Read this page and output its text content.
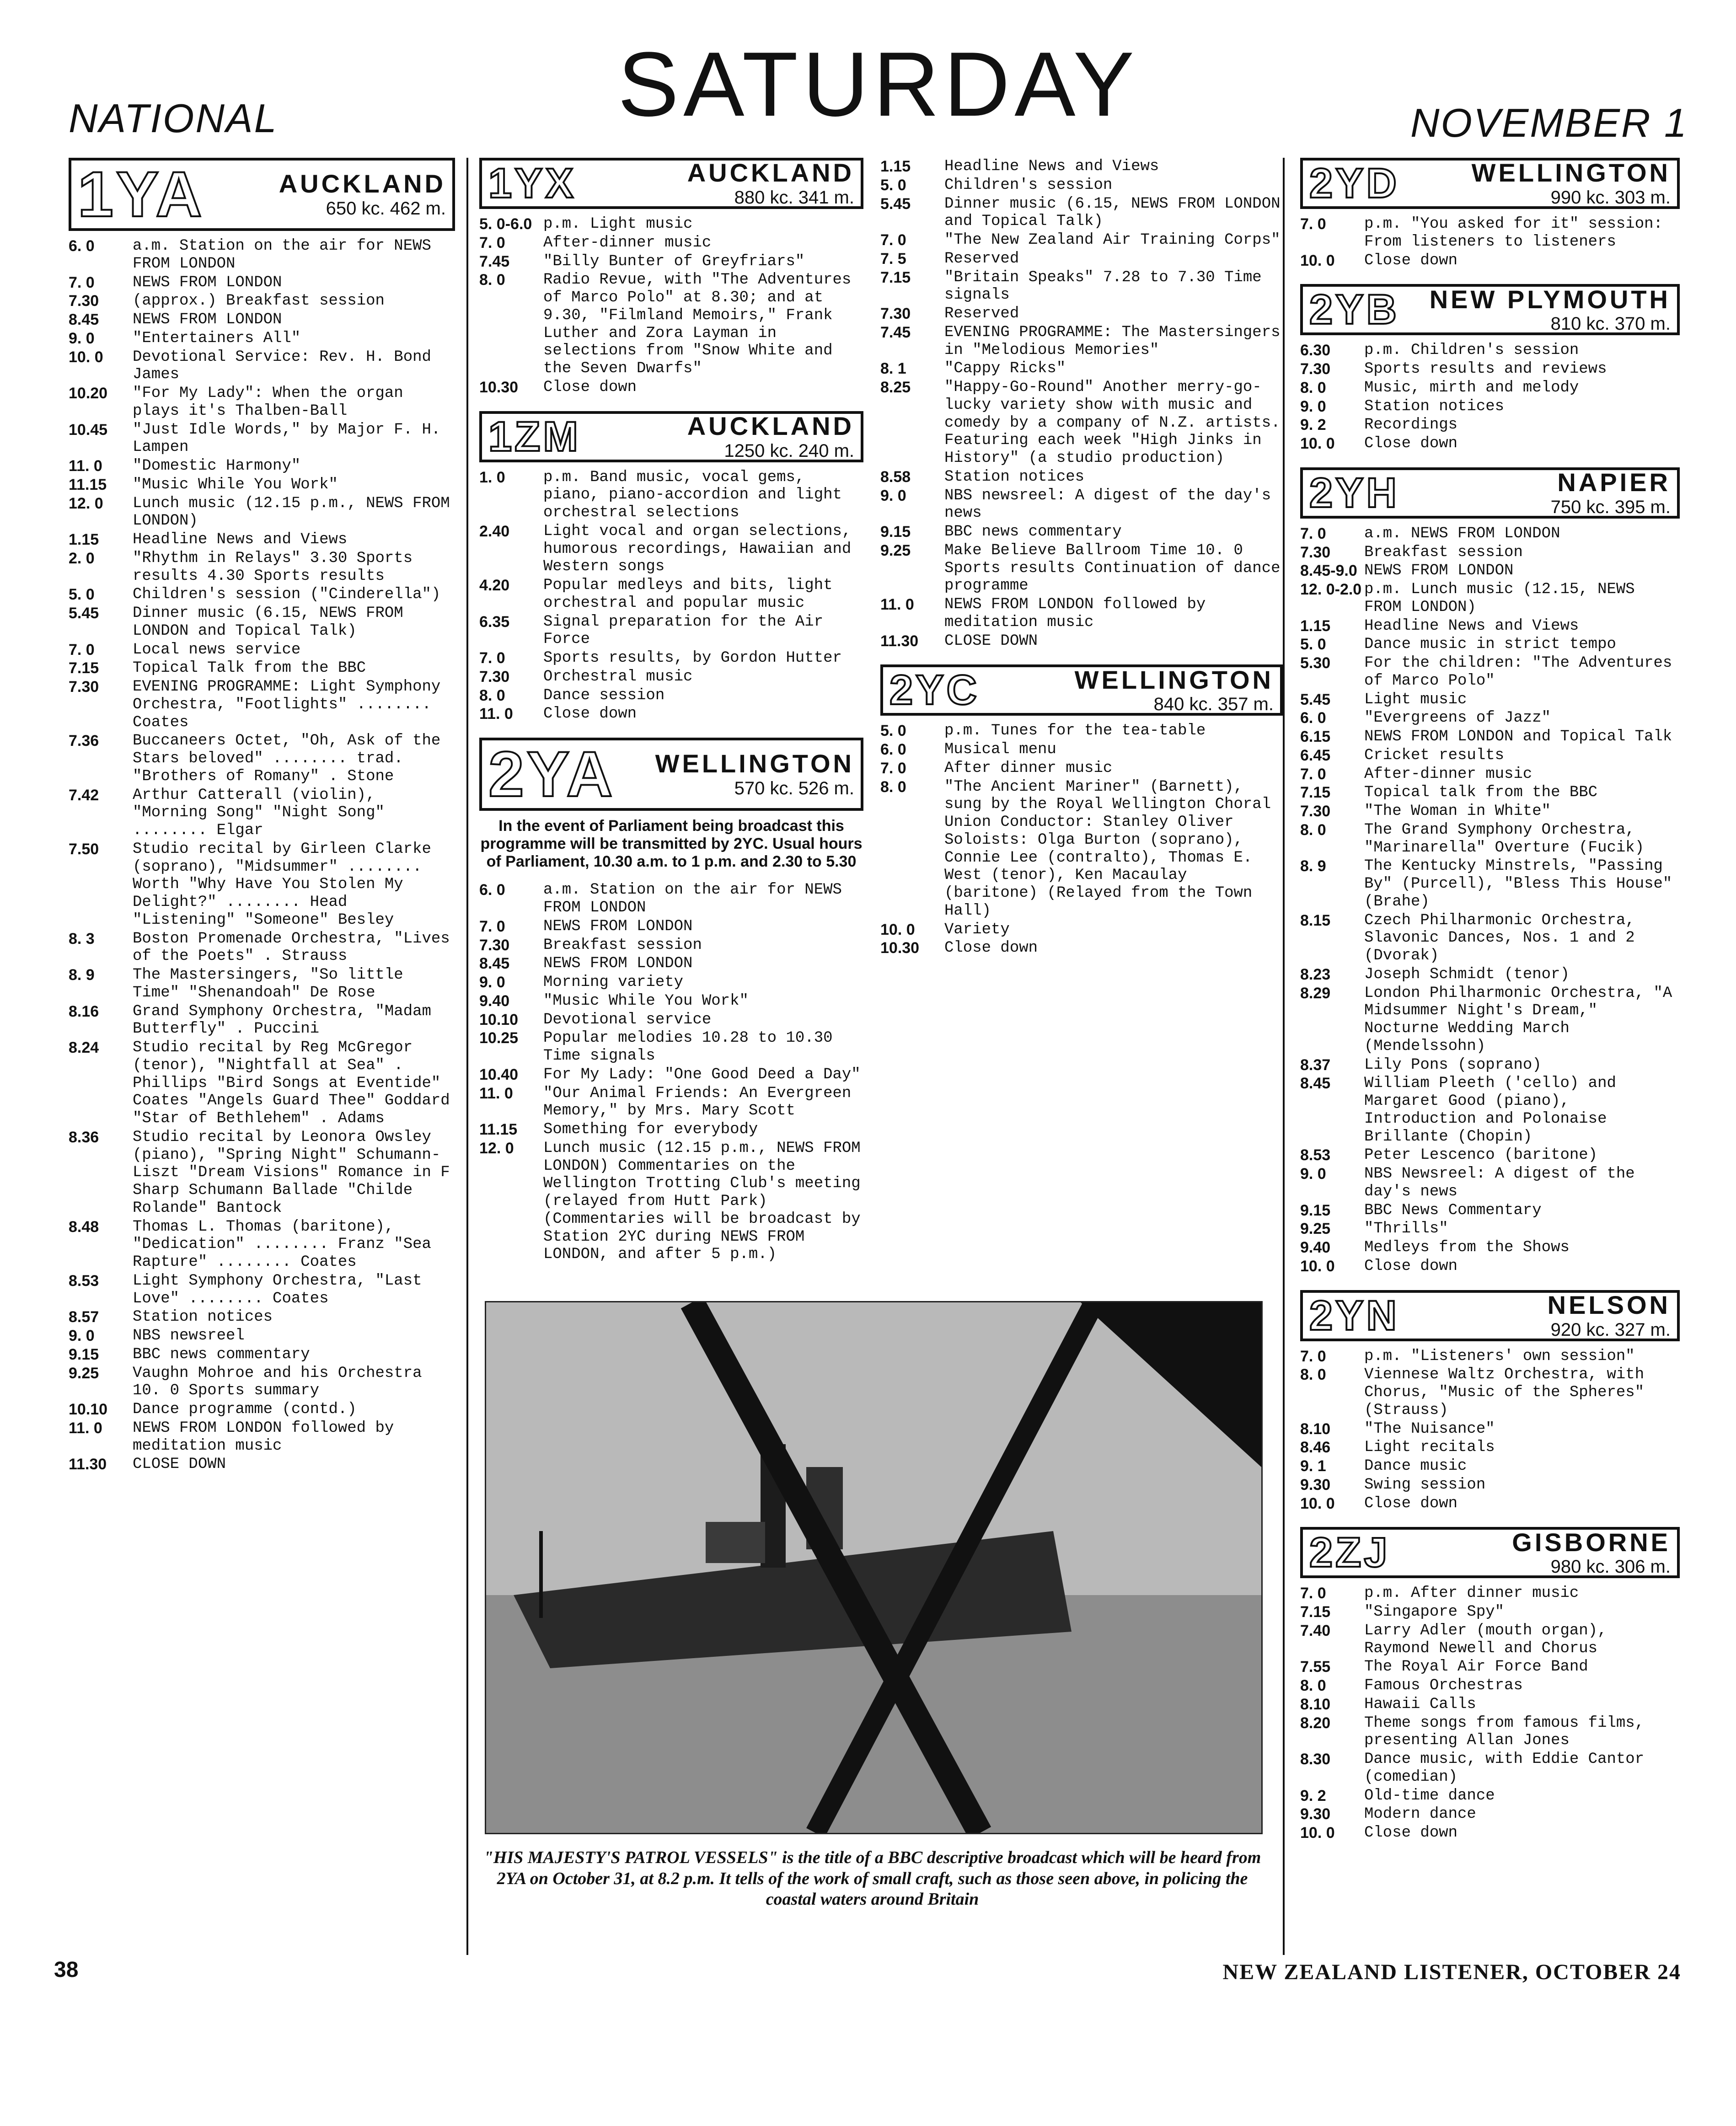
NATIONAL	SATURDAY	NOVEMBER 1
1YA	AUCKLAND
650 kc. 462 m.
6. 0	a.m. Station on the air for NEWS FROM LONDON
7. 0	NEWS FROM LONDON
7.30	(approx.) Breakfast session
8.45	NEWS FROM LONDON
9. 0	"Entertainers All"
10. 0	Devotional Service: Rev. H. Bond James
10.20	"For My Lady": When the organ plays it's Thalben-Ball
10.45	"Just Idle Words," by Major F. H. Lampen
11. 0	"Domestic Harmony"
11.15	"Music While You Work"
12. 0	Lunch music (12.15 p.m., NEWS FROM LONDON)
1.15	Headline News and Views
2. 0	"Rhythm in Relays" 3.30 Sports results 4.30 Sports results
5. 0	Children's session ("Cinderella")
5.45	Dinner music (6.15, NEWS FROM LONDON and Topical Talk)
7. 0	Local news service
7.15	Topical Talk from the BBC
7.30	EVENING PROGRAMME: Light Symphony Orchestra, "Footlights" ........ Coates
7.36	Buccaneers Octet, "Oh, Ask of the Stars beloved" ........ trad. "Brothers of Romany" . Stone
7.42	Arthur Catterall (violin), "Morning Song" "Night Song" ........ Elgar
7.50	Studio recital by Girleen Clarke (soprano), "Midsummer" ........ Worth "Why Have You Stolen My Delight?" ........ Head "Listening" "Someone" Besley
8. 3	Boston Promenade Orchestra, "Lives of the Poets" . Strauss
8. 9	The Mastersingers, "So little Time" "Shenandoah" De Rose
8.16	Grand Symphony Orchestra, "Madam Butterfly" . Puccini
8.24	Studio recital by Reg McGregor (tenor), "Nightfall at Sea" . Phillips "Bird Songs at Eventide" Coates "Angels Guard Thee" Goddard "Star of Bethlehem" . Adams
8.36	Studio recital by Leonora Owsley (piano), "Spring Night" Schumann-Liszt "Dream Visions" Romance in F Sharp Schumann Ballade "Childe Rolande" Bantock
8.48	Thomas L. Thomas (baritone), "Dedication" ........ Franz "Sea Rapture" ........ Coates
8.53	Light Symphony Orchestra, "Last Love" ........ Coates
8.57	Station notices
9. 0	NBS newsreel
9.15	BBC news commentary
9.25	Vaughn Mohroe and his Orchestra 10. 0 Sports summary
10.10	Dance programme (contd.)
11. 0	NEWS FROM LONDON followed by meditation music
11.30	CLOSE DOWN
1YX	AUCKLAND
880 kc. 341 m.
5. 0-6.0 p.m. Light music
7. 0	After-dinner music
7.45	"Billy Bunter of Greyfriars"
8. 0	Radio Revue, with "The Adventures of Marco Polo" at 8.30; and at 9.30, "Filmland Memoirs," Frank Luther and Zora Layman in selections from "Snow White and the Seven Dwarfs"
10.30	Close down
1ZM	AUCKLAND
1250 kc. 240 m.
1. 0	p.m. Band music, vocal gems, piano, piano-accordion and light orchestral selections
2.40	Light vocal and organ selections, humorous recordings, Hawaiian and Western songs
4.20	Popular medleys and bits, light orchestral and popular music
6.35	Signal preparation for the Air Force
7. 0	Sports results, by Gordon Hutter
7.30	Orchestral music
8. 0	Dance session
11. 0	Close down
2YA	WELLINGTON
570 kc. 526 m.
In the event of Parliament being broadcast this programme will be transmitted by 2YC. Usual hours of Parliament, 10.30 a.m. to 1 p.m. and 2.30 to 5.30
6. 0	a.m. Station on the air for NEWS FROM LONDON
7. 0	NEWS FROM LONDON
7.30	Breakfast session
8.45	NEWS FROM LONDON
9. 0	Morning variety
9.40	"Music While You Work"
10.10	Devotional service
10.25	Popular melodies 10.28 to 10.30 Time signals
10.40	For My Lady: "One Good Deed a Day"
11. 0	"Our Animal Friends: An Evergreen Memory," by Mrs. Mary Scott
11.15	Something for everybody
12. 0	Lunch music (12.15 p.m., NEWS FROM LONDON) Commentaries on the Wellington Trotting Club's meeting (relayed from Hutt Park) (Commentaries will be broadcast by Station 2YC during NEWS FROM LONDON, and after 5 p.m.)
1.15	Headline News and Views
5. 0	Children's session
5.45	Dinner music (6.15, NEWS FROM LONDON and Topical Talk)
7. 0	"The New Zealand Air Training Corps"
7. 5	Reserved
7.15	"Britain Speaks" 7.28 to 7.30 Time signals
7.30	Reserved
7.45	EVENING PROGRAMME: The Mastersingers in "Melodious Memories"
8. 1	"Cappy Ricks"
8.25	"Happy-Go-Round" Another merry-go-lucky variety show with music and comedy by a company of N.Z. artists. Featuring each week "High Jinks in History" (a studio production)
8.58	Station notices
9. 0	NBS newsreel: A digest of the day's news
9.15	BBC news commentary
9.25	Make Believe Ballroom Time 10. 0 Sports results Continuation of dance programme
11. 0	NEWS FROM LONDON followed by meditation music
11.30	CLOSE DOWN
2YC	WELLINGTON
840 kc. 357 m.
5. 0	p.m. Tunes for the tea-table
6. 0	Musical menu
7. 0	After dinner music
8. 0	"The Ancient Mariner" (Barnett), sung by the Royal Wellington Choral Union Conductor: Stanley Oliver Soloists: Olga Burton (soprano), Connie Lee (contralto), Thomas E. West (tenor), Ken Macaulay (baritone) (Relayed from the Town Hall)
10. 0	Variety
10.30	Close down
2YD	WELLINGTON
990 kc. 303 m.
7. 0	p.m. "You asked for it" session: From listeners to listeners
10. 0	Close down
2YB	NEW PLYMOUTH
810 kc. 370 m.
6.30	p.m. Children's session
7.30	Sports results and reviews
8. 0	Music, mirth and melody
9. 0	Station notices
9. 2	Recordings
10. 0	Close down
2YH	NAPIER
750 kc. 395 m.
7. 0	a.m. NEWS FROM LONDON
7.30	Breakfast session
8.45-9.0 NEWS FROM LONDON
12. 0-2.0 p.m. Lunch music (12.15, NEWS FROM LONDON)
1.15	Headline News and Views
5. 0	Dance music in strict tempo
5.30	For the children: "The Adventures of Marco Polo"
5.45	Light music
6. 0	"Evergreens of Jazz"
6.15	NEWS FROM LONDON and Topical Talk
6.45	Cricket results
7. 0	After-dinner music
7.15	Topical talk from the BBC
7.30	"The Woman in White"
8. 0	The Grand Symphony Orchestra, "Marinarella" Overture (Fucik)
8. 9	The Kentucky Minstrels, "Passing By" (Purcell), "Bless This House" (Brahe)
8.15	Czech Philharmonic Orchestra, Slavonic Dances, Nos. 1 and 2 (Dvorak)
8.23	Joseph Schmidt (tenor)
8.29	London Philharmonic Orchestra, "A Midsummer Night's Dream," Nocturne Wedding March (Mendelssohn)
8.37	Lily Pons (soprano)
8.45	William Pleeth ('cello) and Margaret Good (piano), Introduction and Polonaise Brillante (Chopin)
8.53	Peter Lescenco (baritone)
9. 0	NBS Newsreel: A digest of the day's news
9.15	BBC News Commentary
9.25	"Thrills"
9.40	Medleys from the Shows
10. 0	Close down
2YN	NELSON
920 kc. 327 m.
7. 0	p.m. "Listeners' own session"
8. 0	Viennese Waltz Orchestra, with Chorus, "Music of the Spheres" (Strauss)
8.10	"The Nuisance"
8.46	Light recitals
9. 1	Dance music
9.30	Swing session
10. 0	Close down
2ZJ	GISBORNE
980 kc. 306 m.
7. 0	p.m. After dinner music
7.15	"Singapore Spy"
7.40	Larry Adler (mouth organ), Raymond Newell and Chorus
7.55	The Royal Air Force Band
8. 0	Famous Orchestras
8.10	Hawaii Calls
8.20	Theme songs from famous films, presenting Allan Jones
8.30	Dance music, with Eddie Cantor (comedian)
9. 2	Old-time dance
9.30	Modern dance
10. 0	Close down
"HIS MAJESTY'S PATROL VESSELS" is the title of a BBC descriptive broadcast which will be heard from 2YA on October 31, at 8.2 p.m. It tells of the work of small craft, such as those seen above, in policing the coastal waters around Britain
38	NEW ZEALAND LISTENER, OCTOBER 24
